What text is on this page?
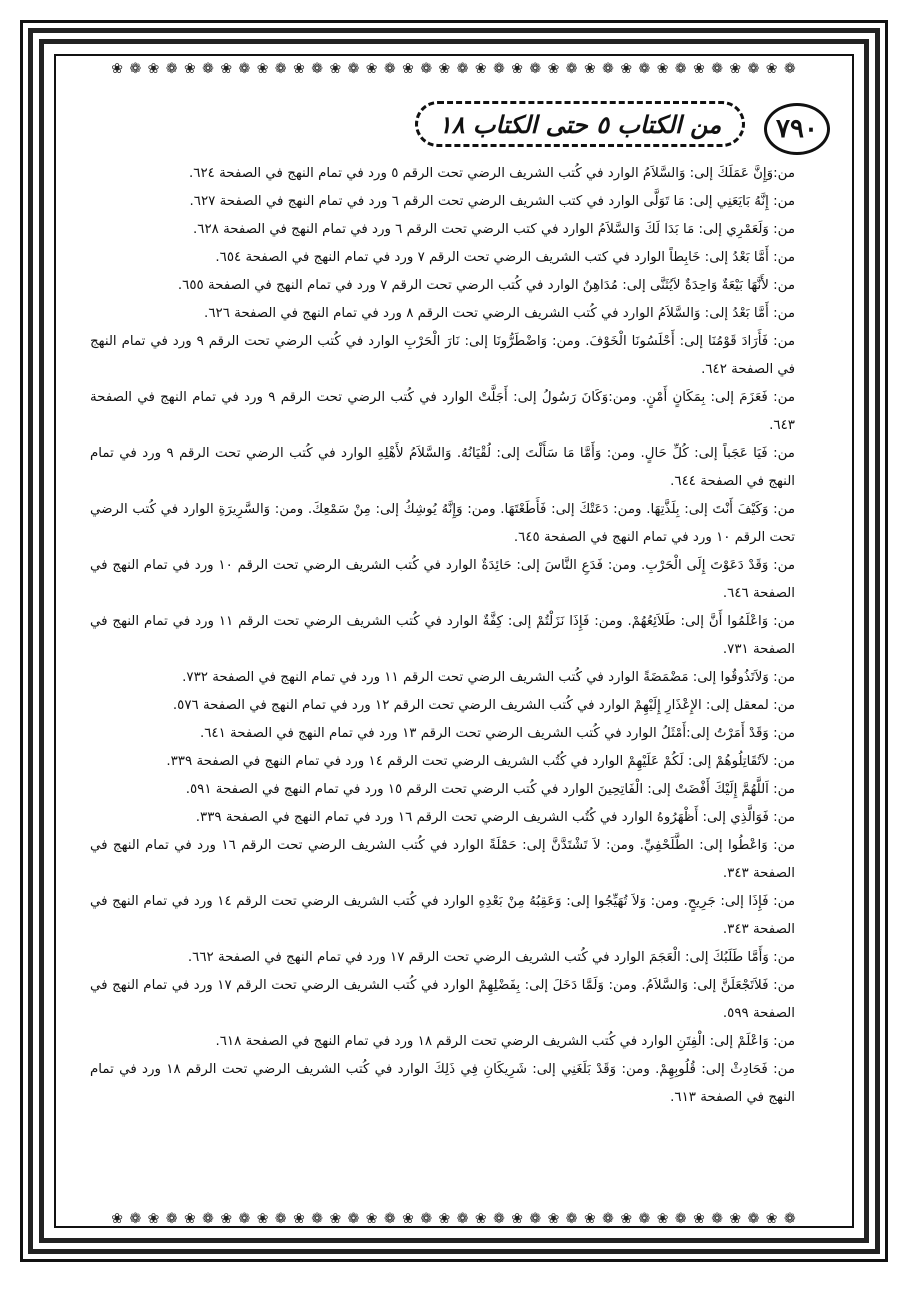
❀ ❁ ❀ ❁ ❀ ❁ ❀ ❁ ❀ ❁ ❀ ❁ ❀ ❁ ❀ ❁ ❀ ❁ ❀ ❁ ❀ ❁ ❀ ❁ ❀ ❁ ❀ ❁ ❀ ❁ ❀ ❁ ❀ ❁ ❀ ❁ ❀ ❁
❀ ❁ ❀ ❁ ❀ ❁ ❀ ❁ ❀ ❁ ❀ ❁ ❀ ❁ ❀ ❁ ❀ ❁ ❀ ❁ ❀ ❁ ❀ ❁ ❀ ❁ ❀ ❁ ❀ ❁ ❀ ❁ ❀ ❁ ❀ ❁ ❀ ❁
٧٩٠
من الكتاب ٥ حتى الكتاب ١٨

من:وَإِنَّ عَمَلَكَ إلى: وَالسَّلاَمُ الوارد في كُتب الشريف الرضي تحت الرقم ٥ ورد في تمام النهج في الصفحة ٦٢٤.

من: إِنَّهُ بَايَعَنِي إلى: مَا تَوَلَّى الوارد في كتب الشريف الرضي تحت الرقم ٦ ورد في تمام النهج في الصفحة ٦٢٧.

من: وَلَعَمْرِي إلى: مَا بَدَا لَكَ وَالسَّلاَمُ الوارد في كتب الرضي تحت الرقم ٦ ورد في تمام النهج في الصفحة ٦٢٨.

من: أَمَّا بَعْدُ إلى: خَابِطاً الوارد في كتب الشريف الرضي تحت الرقم ٧ ورد في تمام النهج في الصفحة ٦٥٤.

من: لأَنَّهَا بَيْعَةٌ وَاحِدَةٌ لاَيُثَنَّى إلى: مُدَاهِنٌ الوارد في كُتب الرضي تحت الرقم ٧ ورد في تمام النهج في الصفحة ٦٥٥.

من: أَمَّا بَعْدُ إلى: وَالسَّلاَمُ الوارد في كُتب الشريف الرضي تحت الرقم ٨ ورد في تمام النهج في الصفحة ٦٢٦.

من: فَأَرَادَ قَوْمُنَا إلى: أَحْلَسُونَا الْخَوْفَ. ومن: وَاضْطَرُّونَا إلى: نَارَ الْحَرْبِ الوارد في كُتب الرضي تحت الرقم ٩ ورد في تمام النهج في الصفحة ٦٤٢.

من: فَعَزَمَ إلى: بِمَكَانٍ أَمْنٍ. ومن:وَكَانَ رَسُولُ إلى: أَجَلَّتْ الوارد في كُتب الرضي تحت الرقم ٩ ورد في تمام النهج في الصفحة ٦٤٣.

من: فَيَا عَجَباً إلى: كُلِّ حَالٍ. ومن: وَأَمَّا مَا سَأَلْتَ إلى: لُقْيَانُهُ. وَالسَّلاَمُ لأَهْلِهِ الوارد في كُتب الرضي تحت الرقم ٩ ورد في تمام النهج في الصفحة ٦٤٤.

من: وَكَيْفَ أَنْتَ إلى: بِلَذَّتِهَا. ومن: دَعَتْكَ إلى: فَأَطَعْتَهَا. ومن: وَإِنَّهُ يُوشِكُ إلى: مِنْ سَمْعِكَ. ومن: وَالسَّرِيرَةِ الوارد في كُتب الرضي تحت الرقم ١٠ ورد في تمام النهج في الصفحة ٦٤٥.

من: وَقَدْ دَعَوْتَ إِلَى الْحَرْبِ. ومن: فَدَعِ النَّاسَ إلى: حَائِدَةٌ الوارد في كُتب الشريف الرضي تحت الرقم ١٠ ورد في تمام النهج في الصفحة ٦٤٦.

من: وَاعْلَمُوا أَنَّ إلى: طَلاَئِعُهُمْ. ومن: فَإِذَا نَزَلْتُمْ إلى: كِفَّةٌ الوارد في كُتب الشريف الرضي تحت الرقم ١١ ورد في تمام النهج في الصفحة ٧٣١.

من: وَلاَتَذُوقُوا إلى: مَضْمَضَةً الوارد في كُتب الشريف الرضي تحت الرقم ١١ ورد في تمام النهج في الصفحة ٧٣٢.

من: لمعقل إلى: الإِعْذَارِ إِلَيْهِمْ الوارد في كُتب الشريف الرضي تحت الرقم ١٢ ورد في تمام النهج في الصفحة ٥٧٦.

من: وَقَدْ أَمَرْتُ إلى:أَمْثَلُ الوارد في كُتب الشريف الرضي تحت الرقم ١٣ ورد في تمام النهج في الصفحة ٦٤١.

من: لاَتُقَاتِلُوهُمْ إلى: لَكُمْ عَلَيْهِمْ الوارد في كُتُب الشريف الرضي تحت الرقم ١٤ ورد في تمام النهج في الصفحة ٣٣٩.

من: اَللَّهُمَّ إِلَيْكَ أَفْضَتْ إلى: الْفَاتِحِينَ الوارد في كُتب الرضي تحت الرقم ١٥ ورد في تمام النهج في الصفحة ٥٩١.

من: فَوَالَّذِي إلى: أَظْهَرُوهُ الوارد في كُتُب الشريف الرضي تحت الرقم ١٦ ورد في تمام النهج في الصفحة ٣٣٩.

من: وَاعْطُوا إلى: الطَّلَحْفِيِّ. ومن: لاَ تَشْتَدَّنَّ إلى: حَمْلَةً الوارد في كُتب الشريف الرضي تحت الرقم ١٦ ورد في تمام النهج في الصفحة ٣٤٣.

من: فَإِذَا إلى: جَرِيحٍ. ومن: وَلاَ تُهَيِّجُوا إلى: وَعَقِبُهُ مِنْ بَعْدِهِ الوارد في كُتب الشريف الرضي تحت الرقم ١٤ ورد في تمام النهج في الصفحة ٣٤٣.

من: وَأَمَّا طَلَبُكَ إلى: الْعَجَمَ الوارد في كُتب الشريف الرضي تحت الرقم ١٧ ورد في تمام النهج في الصفحة ٦٦٢.

من: فَلاَتَجْعَلَنَّ إلى: وَالسَّلاَمُ. ومن: وَلَمَّا دَخَلَ إلى: بِفَضْلِهِمْ الوارد في كُتب الشريف الرضي تحت الرقم ١٧ ورد في تمام النهج في الصفحة ٥٩٩.

من: وَاعْلَمْ إلى: الْفِتَنِ الوارد في كُتب الشريف الرضي تحت الرقم ١٨ ورد في تمام النهج في الصفحة ٦١٨.

من: فَحَادِثْ إلى: قُلُوبِهِمْ. ومن: وَقَدْ بَلَغَنِي إلى: شَرِيكَانِ فِي ذَلِكَ الوارد في كُتب الشريف الرضي تحت الرقم ١٨ ورد في تمام النهج في الصفحة ٦١٣.
